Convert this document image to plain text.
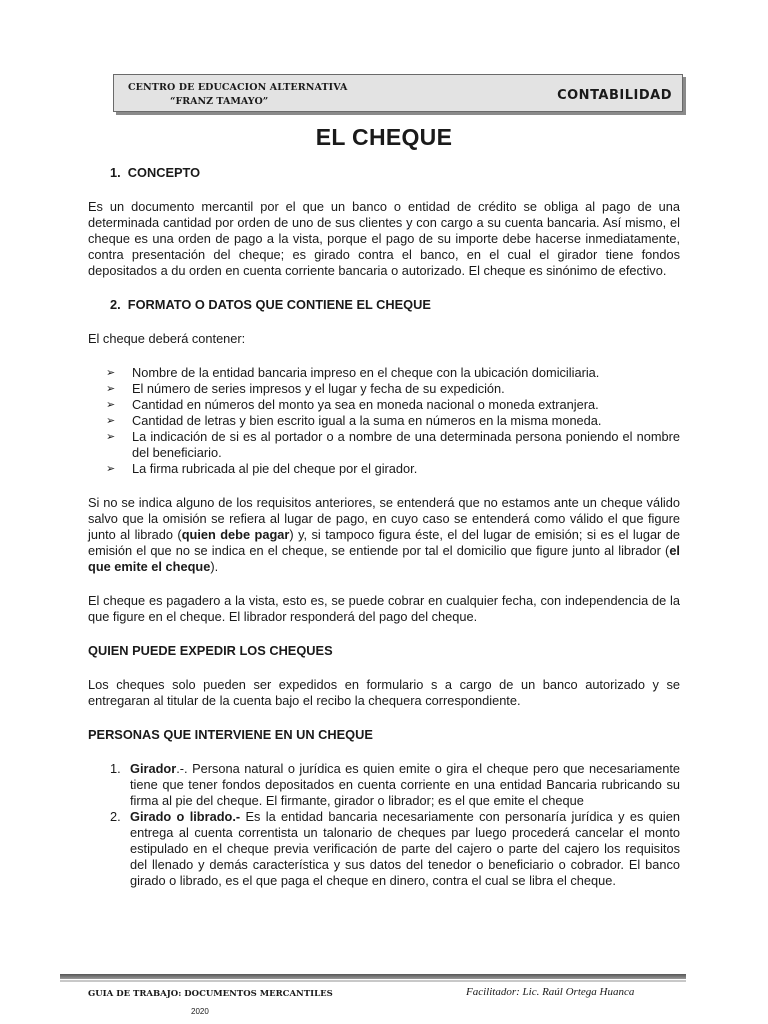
CENTRO DE EDUCACION ALTERNATIVA
“FRANZ TAMAYO”	CONTABILIDAD
EL CHEQUE
1.  CONCEPTO

Es un documento mercantil por el que un banco o entidad de crédito se obliga al pago de una determinada cantidad por orden de uno de sus clientes y con cargo a su cuenta bancaria. Así mismo, el cheque es una orden de pago a la vista, porque el pago de su importe debe hacerse inmediatamente, contra presentación del cheque; es girado contra el banco, en el cual el girador tiene fondos depositados a du orden en cuenta corriente bancaria o autorizado. El cheque es sinónimo de efectivo.

2.  FORMATO O DATOS QUE CONTIENE EL CHEQUE

El cheque deberá contener:

➢ Nombre de la entidad bancaria impreso en el cheque con la ubicación domiciliaria.
➢ El número de series impresos y el lugar y fecha de su expedición.
➢ Cantidad en números del monto ya sea en moneda nacional o moneda extranjera.
➢ Cantidad de letras y bien escrito igual a la suma en números en la misma moneda.
➢ La indicación de si es al portador o a nombre de una determinada persona poniendo el nombre del beneficiario.
➢ La firma rubricada al pie del cheque por el girador.

Si no se indica alguno de los requisitos anteriores, se entenderá que no estamos ante un cheque válido salvo que la omisión se refiera al lugar de pago, en cuyo caso se entenderá como válido el que figure junto al librado (quien debe pagar) y, si tampoco figura éste, el del lugar de emisión; si es el lugar de emisión el que no se indica en el cheque, se entiende por tal el domicilio que figure junto al librador (el que emite el cheque).

El cheque es pagadero a la vista, esto es, se puede cobrar en cualquier fecha, con independencia de la que figure en el cheque. El librador responderá del pago del cheque.

QUIEN PUEDE EXPEDIR LOS CHEQUES

Los cheques solo pueden ser expedidos en formulario s a cargo de un banco autorizado y se entregaran al titular de la cuenta bajo el recibo la chequera correspondiente.

PERSONAS QUE INTERVIENE EN UN CHEQUE
1. Girador.-. Persona natural o jurídica es quien emite o gira el cheque pero que necesariamente tiene que tener fondos depositados en cuenta corriente en una entidad Bancaria rubricando su firma al pie del cheque. El firmante, girador o librador; es el que emite el cheque
2. Girado o librado.- Es la entidad bancaria necesariamente con personaría jurídica y es quien entrega al cuenta correntista un talonario de cheques par luego procederá cancelar el monto estipulado en el cheque previa verificación de parte del cajero o parte del cajero los requisitos del llenado y demás característica y sus datos del tenedor o beneficiario o cobrador. El banco girado o librado, es el que paga el cheque en dinero, contra el cual se libra el cheque.
GUIA DE TRABAJO: DOCUMENTOS MERCANTILES	Facilitador: Lic. Raúl Ortega Huanca
2020
